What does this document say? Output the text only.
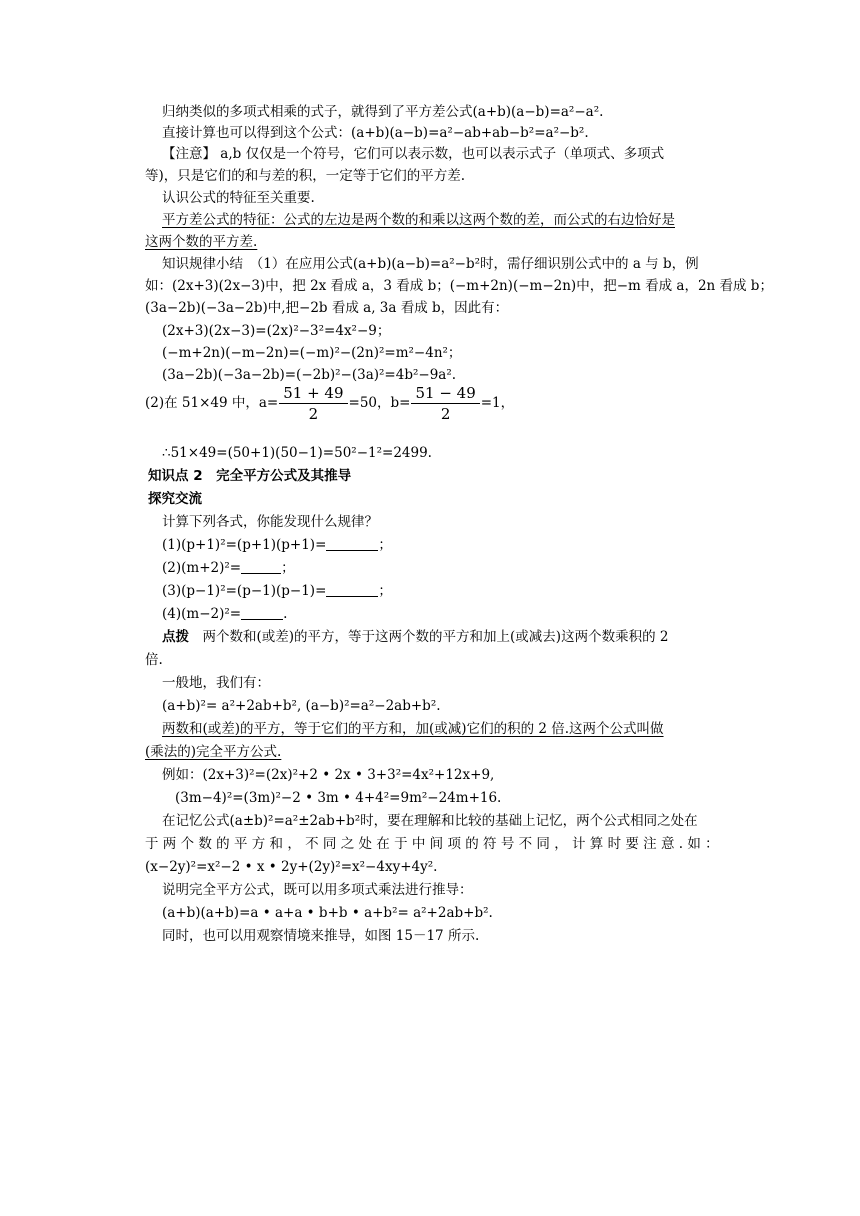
归纳类似的多项式相乘的式子，就得到了平方差公式(a+b)(a−b)=a²−a².
直接计算也可以得到这个公式：(a+b)(a−b)=a²−ab+ab−b²=a²−b².
【注意】 a,b 仅仅是一个符号，它们可以表示数，也可以表示式子（单项式、多项式
等)，只是它们的和与差的积，一定等于它们的平方差.
认识公式的特征至关重要.
平方差公式的特征：公式的左边是两个数的和乘以这两个数的差，而公式的右边恰好是
这两个数的平方差.
知识规律小结　（1）在应用公式(a+b)(a−b)=a²−b²时，需仔细识别公式中的 a 与 b，例
如：(2x+3)(2x−3)中，把 2x 看成 a，3 看成 b；(−m+2n)(−m−2n)中，把−m 看成 a，2n 看成 b；
(3a−2b)(−3a−2b)中,把−2b 看成 a, 3a 看成 b，因此有：
(2x+3)(2x−3)=(2x)²−3²=4x²−9；
(−m+2n)(−m−2n)=(−m)²−(2n)²=m²−4n²；
(3a−2b)(−3a−2b)=(−2b)²−(3a)²=4b²−9a².
(2)在 51×49 中，$a= \frac{51 + 49}{2} =50$，$b= \frac{51 - 49}{2} =1$，
∴51×49=(50+1)(50−1)=50²−1²=2499.
知识点 2　完全平方公式及其推导
探究交流
计算下列各式，你能发现什么规律？
(1)(p+1)²=(p+1)(p+1)=	；
(2)(m+2)²=	；
(3)(p−1)²=(p−1)(p−1)=	；
(4)(m−2)²=	.
点拨　两个数和(或差)的平方，等于这两个数的平方和加上(或减去)这两个数乘积的 2
倍.
一般地，我们有：
(a+b)²= a²+2ab+b², (a−b)²=a²−2ab+b².
两数和(或差)的平方，等于它们的平方和，加(或减)它们的积的 2 倍.这两个公式叫做
(乘法的)完全平方公式.
例如：(2x+3)²=(2x)²+2 • 2x • 3+3²=4x²+12x+9,
(3m−4)²=(3m)²−2 • 3m • 4+4²=9m²−24m+16.
在记忆公式(a±b)²=a²±2ab+b²时，要在理解和比较的基础上记忆，两个公式相同之处在
于 两 个 数 的 平 方 和 ， 不 同 之 处 在 于 中 间 项 的 符 号 不 同 ， 计 算 时 要 注 意 . 如 ：
(x−2y)²=x²−2 • x • 2y+(2y)²=x²−4xy+4y².
说明完全平方公式，既可以用多项式乘法进行推导：
(a+b)(a+b)=a • a+a • b+b • a+b²= a²+2ab+b².
同时，也可以用观察情境来推导，如图 15－17 所示.
